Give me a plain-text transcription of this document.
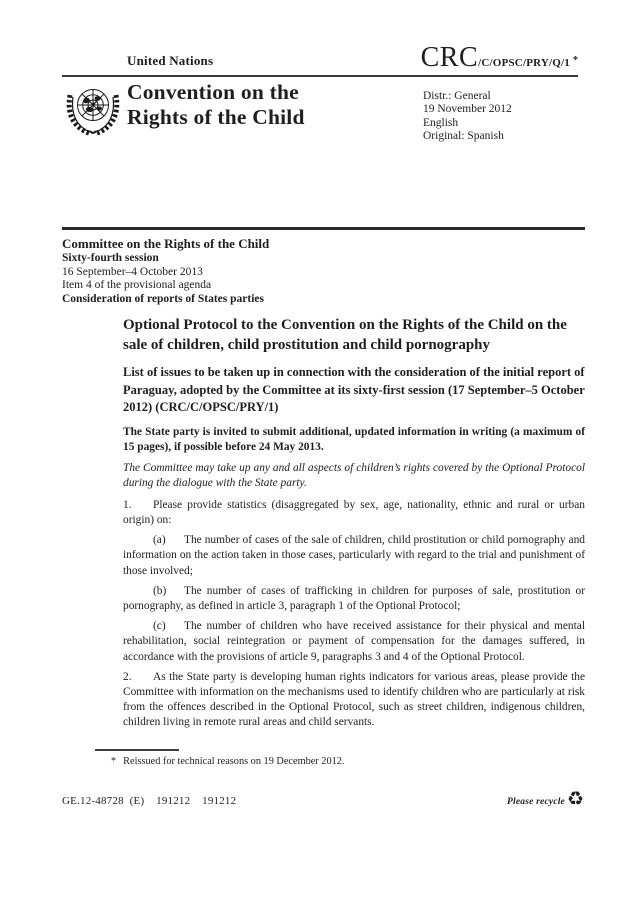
United Nations	CRC /C/OPSC/PRY/Q/1 *
Convention on the
Rights of the Child
Distr.: General
19 November 2012
English
Original: Spanish
Committee on the Rights of the Child
Sixty-fourth session
16 September–4 October 2013
Item 4 of the provisional agenda
Consideration of reports of States parties
Optional Protocol to the Convention on the Rights of the Child on the sale of children, child prostitution and child pornography
List of issues to be taken up in connection with the consideration of the initial report of Paraguay, adopted by the Committee at its sixty-first session (17 September–5 October 2012) (CRC/C/OPSC/PRY/1)

The State party is invited to submit additional, updated information in writing (a maximum of 15 pages), if possible before 24 May 2013.

The Committee may take up any and all aspects of children’s rights covered by the Optional Protocol during the dialogue with the State party.

1. Please provide statistics (disaggregated by sex, age, nationality, ethnic and rural or urban origin) on:

(a) The number of cases of the sale of children, child prostitution or child pornography and information on the action taken in those cases, particularly with regard to the trial and punishment of those involved;

(b) The number of cases of trafficking in children for purposes of sale, prostitution or pornography, as defined in article 3, paragraph 1 of the Optional Protocol;

(c) The number of children who have received assistance for their physical and mental rehabilitation, social reintegration or payment of compensation for the damages suffered, in accordance with the provisions of article 9, paragraphs 3 and 4 of the Optional Protocol.

2. As the State party is developing human rights indicators for various areas, please provide the Committee with information on the mechanisms used to identify children who are particularly at risk from the offences described in the Optional Protocol, such as street children, indigenous children, children living in remote rural areas and child servants.

* Reissued for technical reasons on 19 December 2012.

GE.12-48728  (E)    191212    191212	Please recycle ♻
